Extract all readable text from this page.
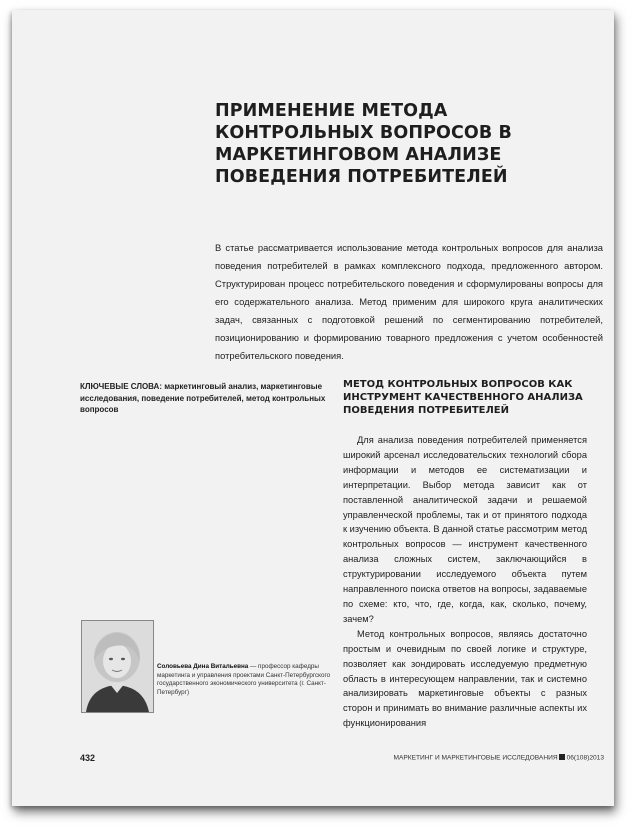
ПРИМЕНЕНИЕ МЕТОДА КОНТРОЛЬНЫХ ВОПРОСОВ В МАРКЕТИНГОВОМ АНАЛИЗЕ ПОВЕДЕНИЯ ПОТРЕБИТЕЛЕЙ

В статье рассматривается использование метода контрольных вопросов для анализа поведения потребителей в рамках комплексного подхода, предложенного автором. Структурирован процесс потребительского поведения и сформулированы вопросы для его содержательного анализа. Метод применим для широкого круга аналитических задач, связанных с подготовкой решений по сегментированию потребителей, позиционированию и формированию товарного предложения с учетом особенностей потребительского поведения.

КЛЮЧЕВЫЕ СЛОВА: маркетинговый анализ, маркетинговые исследования, поведение потребителей, метод контрольных вопросов

МЕТОД КОНТРОЛЬНЫХ ВОПРОСОВ КАК ИНСТРУМЕНТ КАЧЕСТВЕННОГО АНАЛИЗА ПОВЕДЕНИЯ ПОТРЕБИТЕЛЕЙ

Для анализа поведения потребителей применяется широкий арсенал исследовательских технологий сбора информации и методов ее систематизации и интерпретации. Выбор метода зависит как от поставленной аналитической задачи и решаемой управленческой проблемы, так и от принятого подхода к изучению объекта. В данной статье рассмотрим метод контрольных вопросов — инструмент качественного анализа сложных систем, заключающийся в структурировании исследуемого объекта путем направленного поиска ответов на вопросы, задаваемые по схеме: кто, что, где, когда, как, сколько, почему, зачем?

Метод контрольных вопросов, являясь достаточно простым и очевидным по своей логике и структуре, позволяет как зондировать исследуемую предметную область в интересующем направлении, так и системно анализировать маркетинговые объекты с разных сторон и принимать во внимание различные аспекты их функционирования

Соловьева Дина Витальевна — профессор кафедры маркетинга и управления проектами Санкт-Петербургского государственного экономического университета (г. Санкт-Петербург)

432	МАРКЕТИНГ И МАРКЕТИНГОВЫЕ ИССЛЕДОВАНИЯ 06(108)2013
